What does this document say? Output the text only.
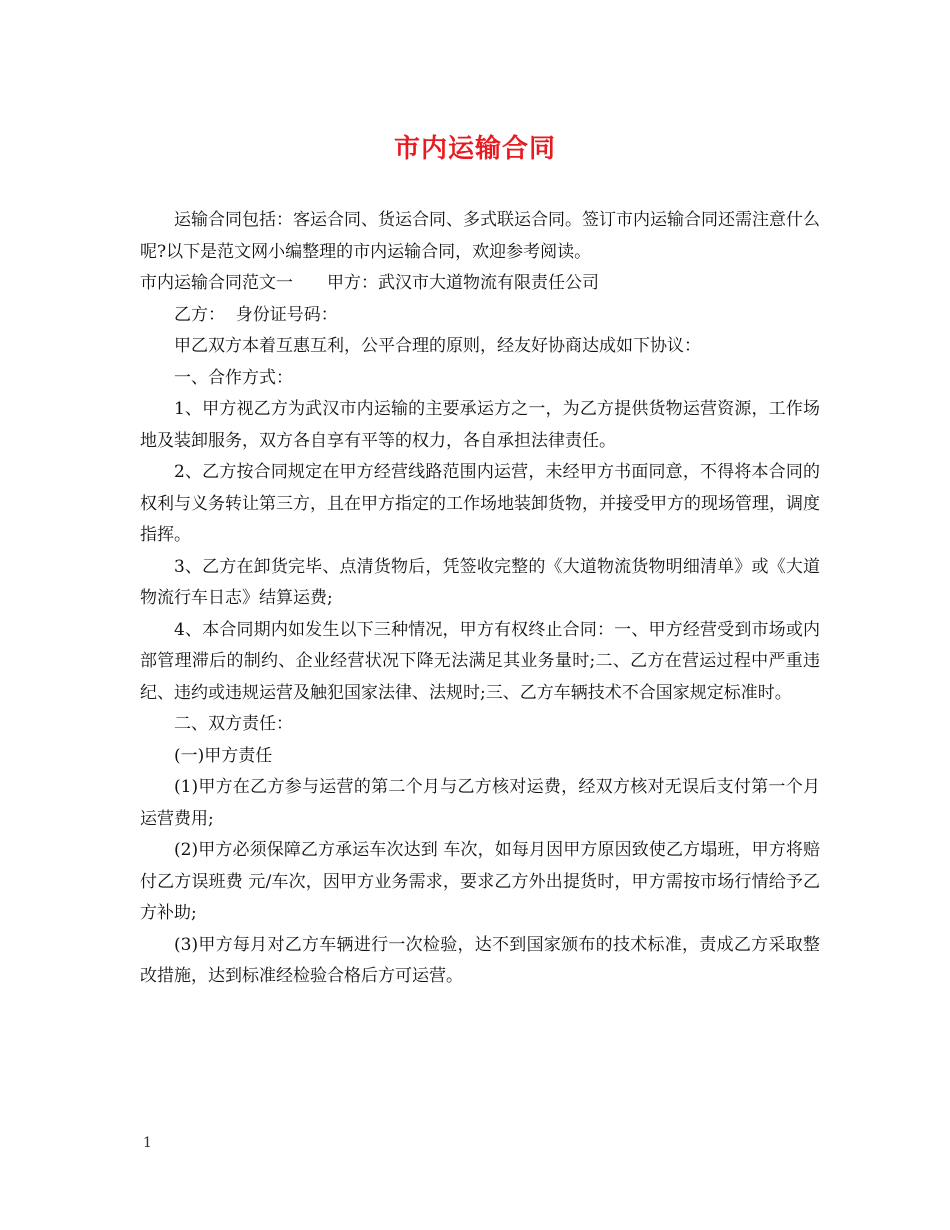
市内运输合同

运输合同包括：客运合同、货运合同、多式联运合同。签订市内运输合同还需注意什么呢?以下是范文网小编整理的市内运输合同，欢迎参考阅读。

市内运输合同范文一 甲方：武汉市大道物流有限责任公司

乙方：  身份证号码：

甲乙双方本着互惠互利，公平合理的原则，经友好协商达成如下协议：

一、合作方式：

1、甲方视乙方为武汉市内运输的主要承运方之一，为乙方提供货物运营资源，工作场地及装卸服务，双方各自享有平等的权力，各自承担法律责任。

2、乙方按合同规定在甲方经营线路范围内运营，未经甲方书面同意，不得将本合同的权利与义务转让第三方，且在甲方指定的工作场地装卸货物，并接受甲方的现场管理，调度指挥。

3、乙方在卸货完毕、点清货物后，凭签收完整的《大道物流货物明细清单》或《大道物流行车日志》结算运费;

4、本合同期内如发生以下三种情况，甲方有权终止合同：一、甲方经营受到市场或内部管理滞后的制约、企业经营状况下降无法满足其业务量时;二、乙方在营运过程中严重违纪、违约或违规运营及触犯国家法律、法规时;三、乙方车辆技术不合国家规定标准时。

二、双方责任：

(一)甲方责任

(1)甲方在乙方参与运营的第二个月与乙方核对运费，经双方核对无误后支付第一个月运营费用;

(2)甲方必须保障乙方承运车次达到 车次，如每月因甲方原因致使乙方塌班，甲方将赔付乙方误班费 元/车次，因甲方业务需求，要求乙方外出提货时，甲方需按市场行情给予乙方补助;

(3)甲方每月对乙方车辆进行一次检验，达不到国家颁布的技术标准，责成乙方采取整改措施，达到标准经检验合格后方可运营。

1
